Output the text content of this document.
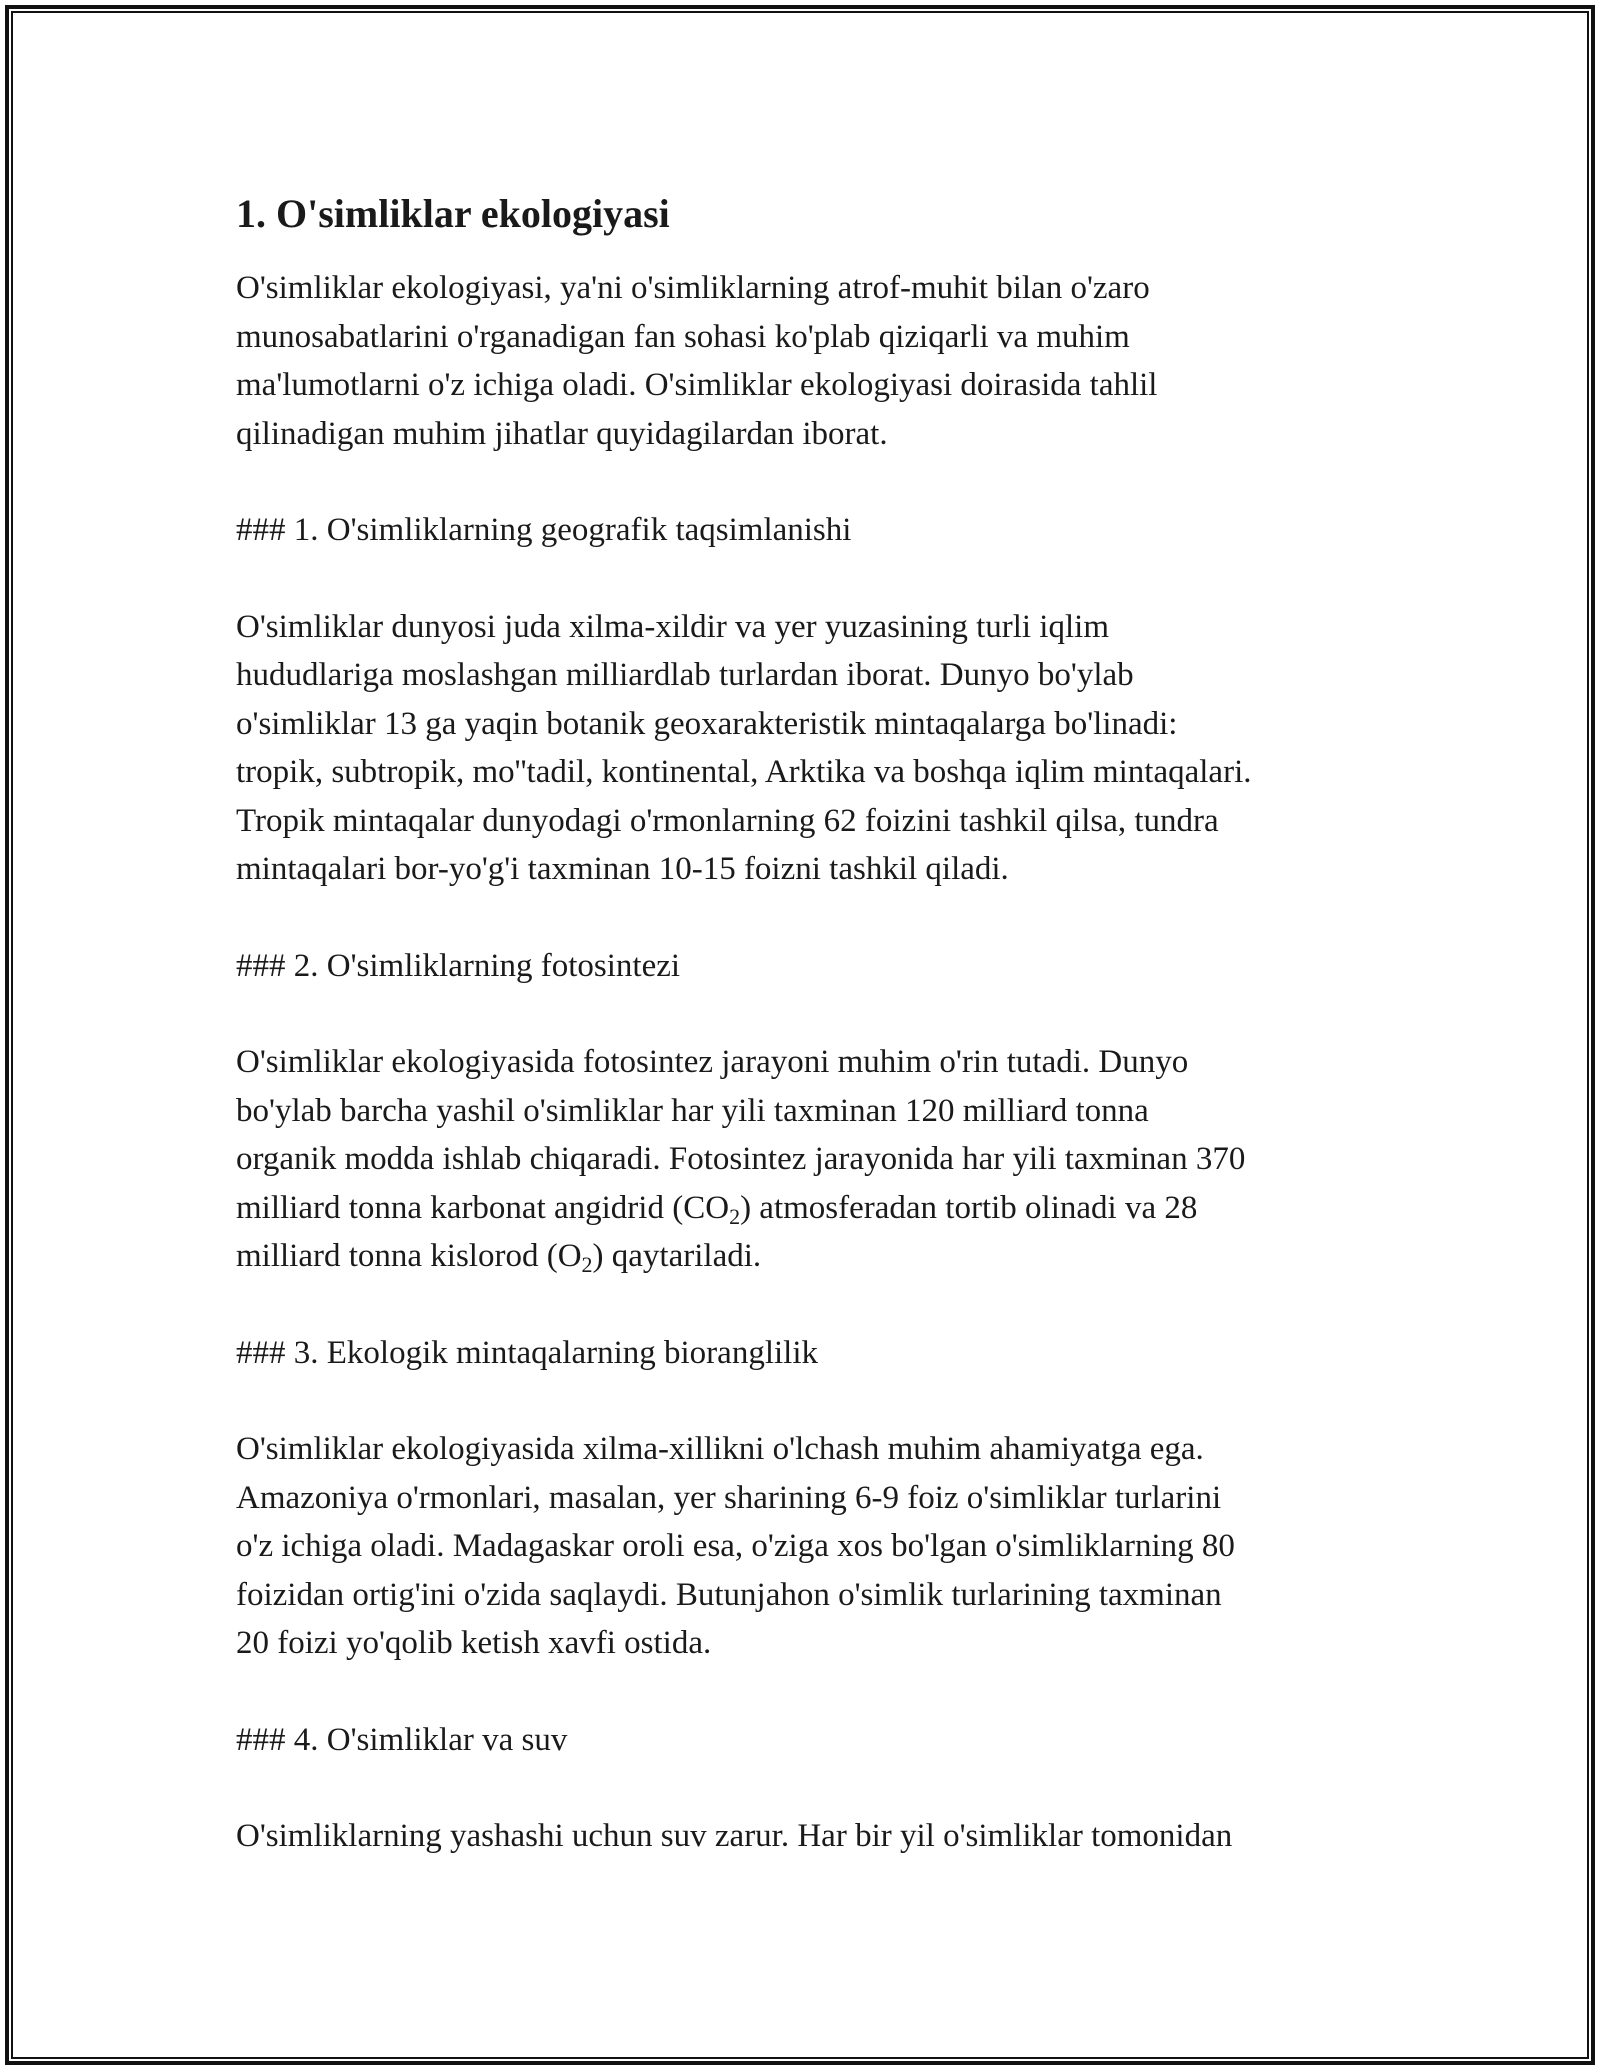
1. O'simliklar ekologiyasi
O'simliklar ekologiyasi, ya'ni o'simliklarning atrof-muhit bilan o'zaro
munosabatlarini o'rganadigan fan sohasi ko'plab qiziqarli va muhim
ma'lumotlarni o'z ichiga oladi. O'simliklar ekologiyasi doirasida tahlil
qilinadigan muhim jihatlar quyidagilardan iborat.
### 1. O'simliklarning geografik taqsimlanishi
O'simliklar dunyosi juda xilma-xildir va yer yuzasining turli iqlim
hududlariga moslashgan milliardlab turlardan iborat. Dunyo bo'ylab
o'simliklar 13 ga yaqin botanik geoxarakteristik mintaqalarga bo'linadi:
tropik, subtropik, mo''tadil, kontinental, Arktika va boshqa iqlim mintaqalari.
Tropik mintaqalar dunyodagi o'rmonlarning 62 foizini tashkil qilsa, tundra
mintaqalari bor-yo'g'i taxminan 10-15 foizni tashkil qiladi.
### 2. O'simliklarning fotosintezi
O'simliklar ekologiyasida fotosintez jarayoni muhim o'rin tutadi. Dunyo
bo'ylab barcha yashil o'simliklar har yili taxminan 120 milliard tonna
organik modda ishlab chiqaradi. Fotosintez jarayonida har yili taxminan 370
milliard tonna karbonat angidrid $(CO_2)$ atmosferadan tortib olinadi va 28
milliard tonna kislorod $(O_2)$ qaytariladi.
### 3. Ekologik mintaqalarning bioranglilik
O'simliklar ekologiyasida xilma-xillikni o'lchash muhim ahamiyatga ega.
Amazoniya o'rmonlari, masalan, yer sharining 6-9 foiz o'simliklar turlarini
o'z ichiga oladi. Madagaskar oroli esa, o'ziga xos bo'lgan o'simliklarning 80
foizidan ortig'ini o'zida saqlaydi. Butunjahon o'simlik turlarining taxminan
20 foizi yo'qolib ketish xavfi ostida.
### 4. O'simliklar va suv
O'simliklarning yashashi uchun suv zarur. Har bir yil o'simliklar tomonidan
